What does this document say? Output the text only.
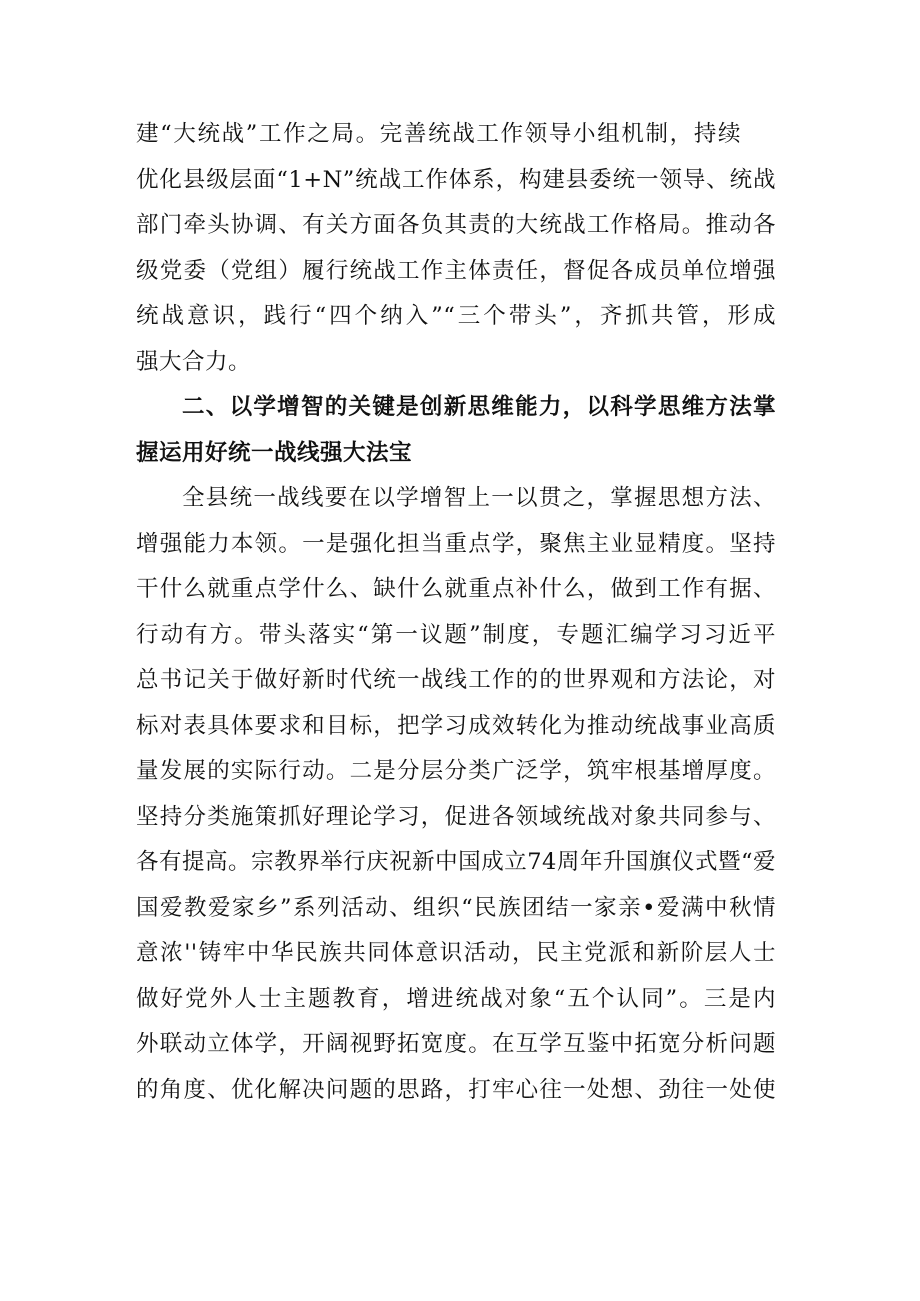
建“大统战”工作之局。完善统战工作领导小组机制，持续
优化县级层面“1+N”统战工作体系，构建县委统一领导、统战
部门牵头协调、有关方面各负其责的大统战工作格局。推动各
级党委（党组）履行统战工作主体责任，督促各成员单位增强
统战意识，践行“四个纳入”“三个带头”，齐抓共管，形成
强大合力。
二、以学增智的关键是创新思维能力，以科学思维方法掌
握运用好统一战线强大法宝
全县统一战线要在以学增智上一以贯之，掌握思想方法、
增强能力本领。一是强化担当重点学，聚焦主业显精度。坚持
干什么就重点学什么、缺什么就重点补什么，做到工作有据、
行动有方。带头落实“第一议题”制度，专题汇编学习习近平
总书记关于做好新时代统一战线工作的的世界观和方法论，对
标对表具体要求和目标，把学习成效转化为推动统战事业高质
量发展的实际行动。二是分层分类广泛学，筑牢根基增厚度。
坚持分类施策抓好理论学习，促进各领域统战对象共同参与、
各有提高。宗教界举行庆祝新中国成立74周年升国旗仪式暨“爱
国爱教爱家乡”系列活动、组织“民族团结一家亲•爱满中秋情
意浓''铸牢中华民族共同体意识活动，民主党派和新阶层人士
做好党外人士主题教育，增进统战对象“五个认同”。三是内
外联动立体学，开阔视野拓宽度。在互学互鉴中拓宽分析问题
的角度、优化解决问题的思路，打牢心往一处想、劲往一处使
